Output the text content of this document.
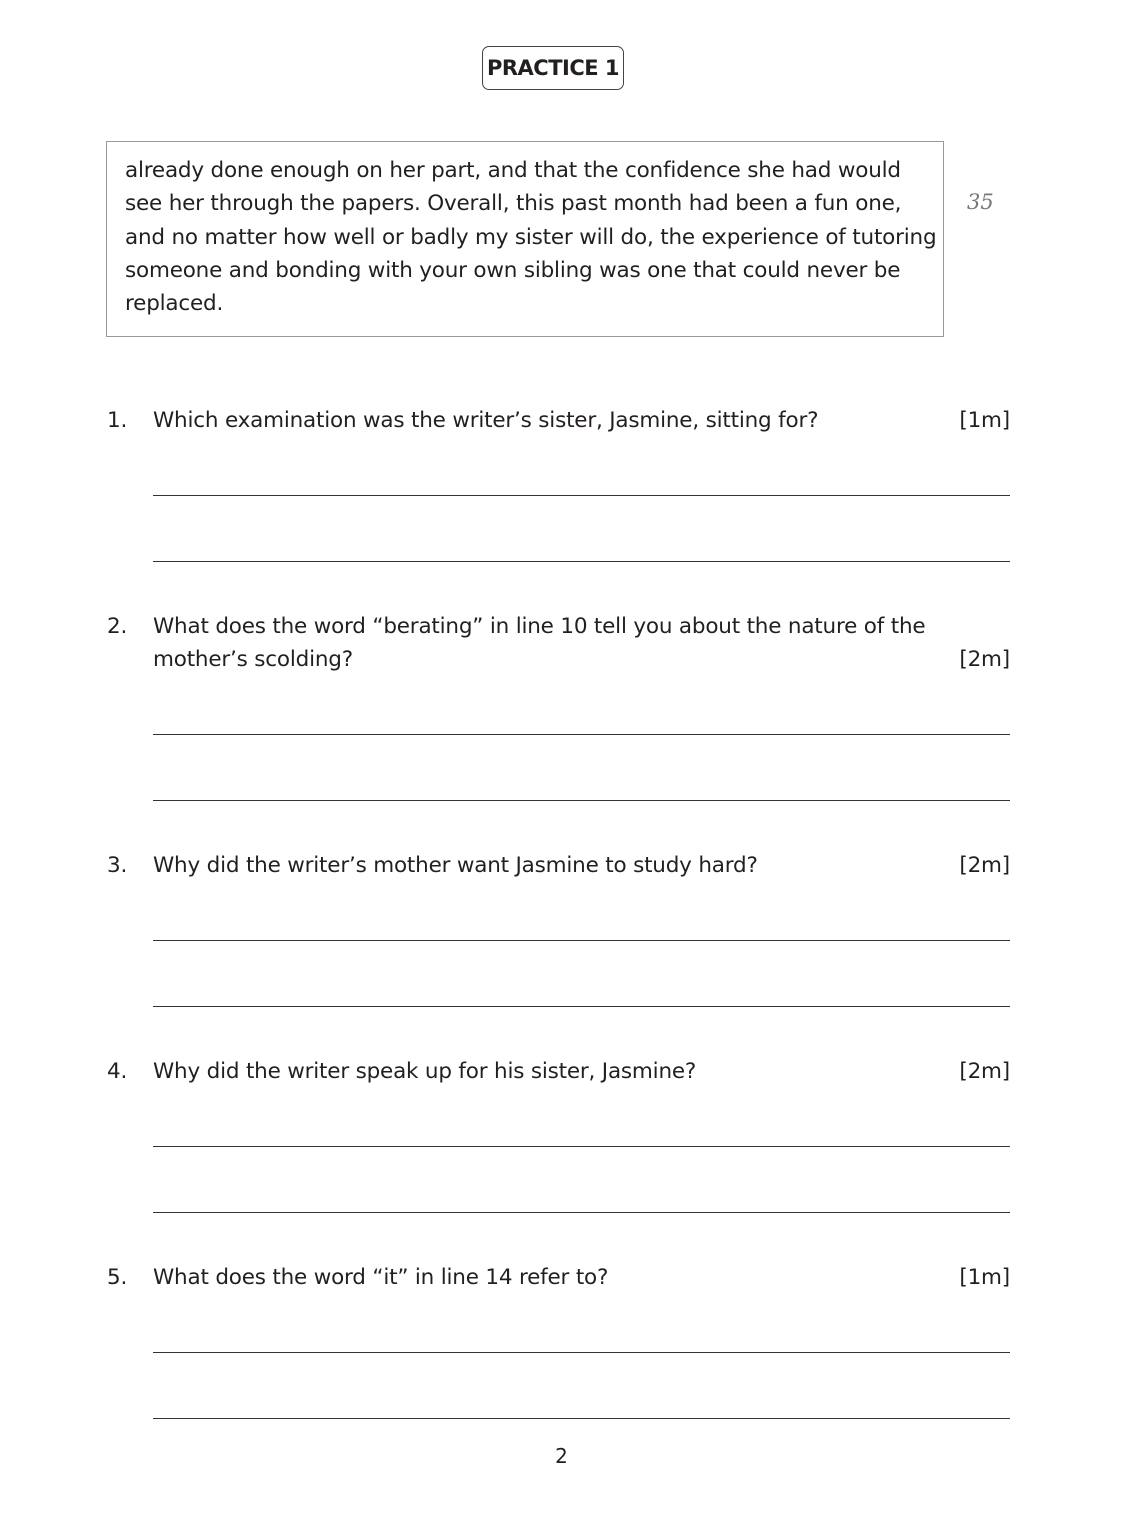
PRACTICE 1
already done enough on her part, and that the confidence she had would
see her through the papers. Overall, this past month had been a fun one,
and no matter how well or badly my sister will do, the experience of tutoring
someone and bonding with your own sibling was one that could never be
replaced.
35
1. Which examination was the writer’s sister, Jasmine, sitting for?	[1m]
2. What does the word “berating” in line 10 tell you about the nature of the mother’s scolding?	[2m]
3. Why did the writer’s mother want Jasmine to study hard?	[2m]
4. Why did the writer speak up for his sister, Jasmine?	[2m]
5. What does the word “it” in line 14 refer to?	[1m]
2
